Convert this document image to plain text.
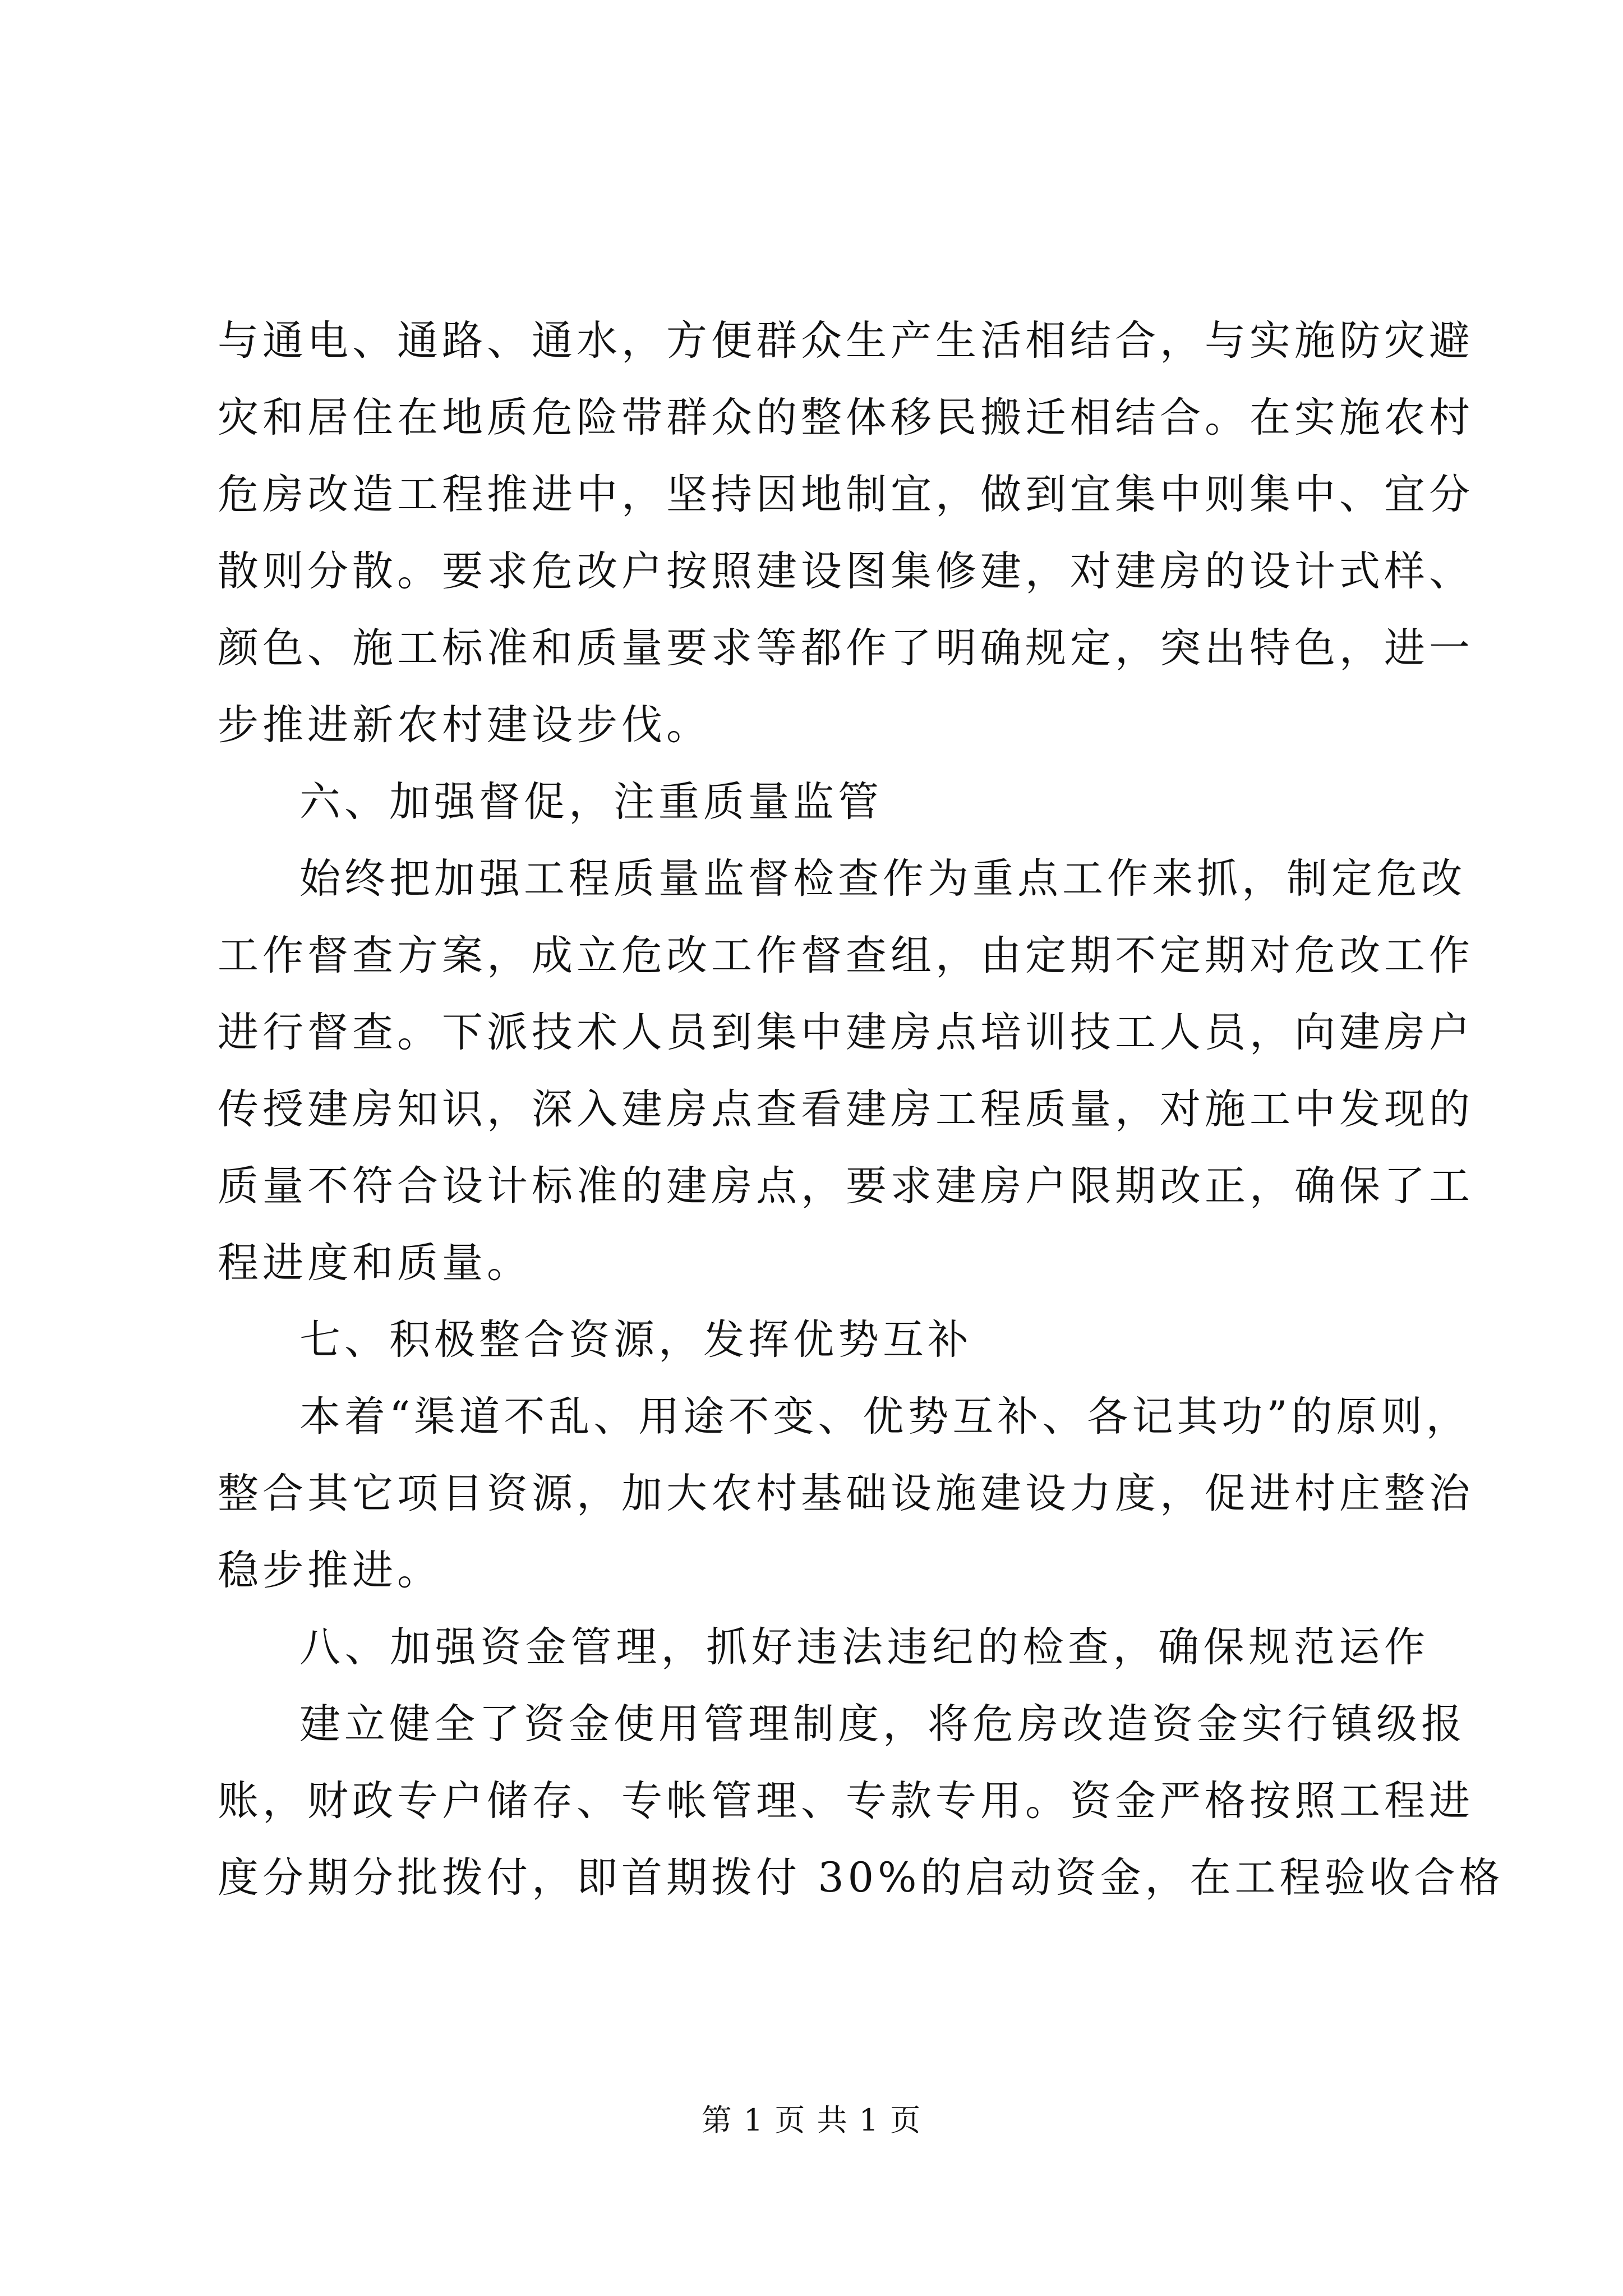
与通电、通路、通水，方便群众生产生活相结合，与实施防灾避
灾和居住在地质危险带群众的整体移民搬迁相结合。在实施农村
危房改造工程推进中，坚持因地制宜，做到宜集中则集中、宜分
散则分散。要求危改户按照建设图集修建，对建房的设计式样、
颜色、施工标准和质量要求等都作了明确规定，突出特色，进一
步推进新农村建设步伐。
六、加强督促，注重质量监管
始终把加强工程质量监督检查作为重点工作来抓，制定危改
工作督查方案，成立危改工作督查组，由定期不定期对危改工作
进行督查。下派技术人员到集中建房点培训技工人员，向建房户
传授建房知识，深入建房点查看建房工程质量，对施工中发现的
质量不符合设计标准的建房点，要求建房户限期改正，确保了工
程进度和质量。
七、积极整合资源，发挥优势互补
本着“渠道不乱、用途不变、优势互补、各记其功”的原则，
整合其它项目资源，加大农村基础设施建设力度，促进村庄整治
稳步推进。
八、加强资金管理，抓好违法违纪的检查，确保规范运作
建立健全了资金使用管理制度，将危房改造资金实行镇级报
账，财政专户储存、专帐管理、专款专用。资金严格按照工程进
度分期分批拨付，即首期拨付 30%的启动资金，在工程验收合格
第 1 页 共 1 页
